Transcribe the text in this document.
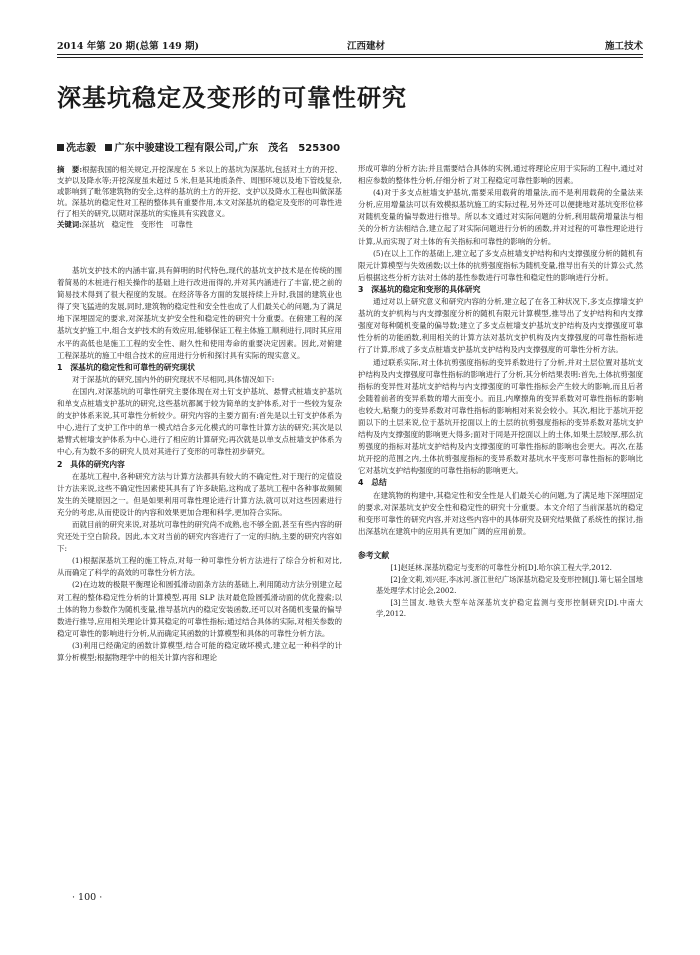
2014 年第 20 期(总第 149 期)	江西建材	施工技术
深基坑稳定及变形的可靠性研究
冼志毅 广东中骏建设工程有限公司,广东　茂名　525300
摘　要:根据我国的相关规定,开挖深度在 5 米以上的基坑为深基坑,包括对土方的开挖、支护以及降水等;开挖深度虽未超过 5 米,但是其地质条件、周围环境以及地下管线复杂,或影响到了毗邻建筑物的安全,这样的基坑的土方的开挖、支护以及降水工程也叫做深基坑。深基坑的稳定性对工程的整体具有重要作用,本文对深基坑的稳定及变形的可靠性进行了相关的研究,以期对深基坑的实施具有实践意义。
关键词:深基坑　稳定性　变形性　可靠性

基坑支护技术的内涵丰富,具有鲜明的时代特色,现代的基坑支护技术是在传统的围着简易的木桩进行相关操作的基础上进行改进而得的,并对其内涵进行了丰富,使之前的简易技术得到了很大程度的发展。在经济等各方面的发展持续上升时,我国的建筑业也得了突飞猛进的发展,同时,建筑物的稳定性和安全性也成了人们最关心的问题,为了满足地下深埋固定的要求,对深基坑支护安全性和稳定性的研究十分重要。在俯建工程的深基坑支护施工中,组合支护技术的有效应用,能够保证工程主体施工顺利进行,同时其应用水平的高低也是施工工程的安全性、耐久性和使用寿命的重要决定因素。因此,对俯建工程深基坑的施工中组合技术的应用进行分析和探讨具有实际的现实意义。

1　深基坑的稳定性和可靠性的研究现状

对于深基坑的研究,国内外的研究现状不尽相同,具体情况如下:

在国内,对深基坑的可靠性研究主要体现在对土钉支护基坑、悬臂式桩墙支护基坑和单支点桩墙支护基坑的研究,这些基坑都属于较为简单的支护体系,对于一些较为复杂的支护体系来说,其可靠性分析较少。研究内容的主要方面有:首先是以土钉支护体系为中心,进行了支护工作中的单一模式结合多元化模式的可靠性计算方法的研究;其次是以悬臂式桩墙支护体系为中心,进行了相应的计算研究;再次就是以单支点桩墙支护体系为中心,有为数不多的研究人员对其进行了变形的可靠性初步研究。

2　具体的研究内容

在基坑工程中,各种研究方法与计算方法都具有较大的不确定性,对于现行的定值设计方法来说,这些不确定性因素使其具有了许多缺陷,这构成了基坑工程中各种事故频频发生的关键原因之一。但是如果利用可靠性理论进行计算方法,就可以对这些因素进行充分的考虑,从而使设计的内容和效果更加合理和科学,更加符合实际。

而就目前的研究来说,对基坑可靠性的研究尚不成熟,也不够全面,甚至有些内容的研究还处于空白阶段。因此,本文对当前的研究内容进行了一定的归纳,主要的研究内容如下:

(1)根据深基坑工程的施工特点,对每一种可靠性分析方法进行了综合分析和对比,从而确定了科学的高效的可靠性分析方法。

(2)在边坡的极限平衡理论和圆弧滑动面条方法的基础上,利用随动方法分别建立起对工程的整体稳定性分析的计算模型,再用 SLP 法对最危险圆弧滑动面的优化搜索;以土体的物力参数作为随机变量,推导基坑内的稳定安装函数,还可以对各随机变量的偏导数进行推导,应用相关理论计算其稳定的可靠性指标;通过结合具体的实际,对相关参数的稳定可靠性的影响进行分析,从而确定其函数的计算模型和具体的可靠性分析方法。

(3)利用已经确定的函数计算模型,结合可能的稳定破坏模式,建立起一种科学的计算分析模型;根据物理学中的相关计算内容和理论

形成可靠的分析方法;并且需要结合具体的实例,通过将理论应用于实际的工程中,通过对相应参数的整体性分析,仔细分析了对工程稳定可靠性影响的因素。

(4)对于多支点桩墙支护基坑,需要采用载荷的增量法,而不是利用载荷的全量法来分析,应用增量法可以有效模拟基坑施工的实际过程,另外还可以便捷地对基坑变形位移对随机变量的偏导数进行推导。所以本文通过对实际问题的分析,利用载荷增量法与相关的分析方法相结合,建立起了对实际问题进行分析的函数,并对过程的可靠性理论进行计算,从而实现了对土体的有关指标和可靠性的影响的分析。

(5)在以上工作的基础上,建立起了多支点桩墙支护结构和内支撑强度分析的随机有限元计算模型与失效函数;以土体的抗剪强度指标为随机变量,推导出有关的计算公式,然后根据这些分析方法对土体的基性参数进行可靠性和稳定性的影响进行分析。

3　深基坑的稳定和变形的具体研究

通过对以上研究意义和研究内容的分析,建立起了在各工种状况下,多支点撑墙支护基坑的支护机构与内支撑强度分析的随机有限元计算模型,推导出了支护结构和内支撑强度对每种随机变量的偏导数;建立了多支点桩墙支护基坑支护结构及内支撑强度可靠性分析的功能函数,利用相关的计算方法对基坑支护机构及内支撑强度的可靠性指标进行了计算,形成了多支点桩墙支护基坑支护结构及内支撑强度的可靠性分析方法。

通过联系实际,对土体抗剪强度指标的变异系数进行了分析,并对土层位置对基坑支护结构及内支撑强度可靠性指标的影响进行了分析,其分析结果表明:首先,土体抗剪强度指标的变异性对基坑支护结构与内支撑强度的可靠性指标会产生较大的影响,而且后者会随着前者的变异系数的增大而变小。而且,内摩擦角的变异系数对可靠性指标的影响也较大,粘聚力的变异系数对可靠性指标的影响相对来说会较小。其次,相比于基坑开挖面以下的土层来说,位于基坑开挖面以上的土层的抗剪强度指标的变异系数对基坑支护结构及内支撑强度的影响更大得多;面对于同是开挖面以上的土体,如果土层较厚,那么抗剪强度的指标对基坑支护结构及内支撑强度的可靠性指标的影响也会更大。再次,在基坑开挖的范围之内,土体抗剪强度指标的变异系数对基坑水平变形可靠性指标的影响比它对基坑支护结构强度的可靠性指标的影响更大。

4　总结

在建筑物的构建中,其稳定性和安全性是人们最关心的问题,为了满足地下深埋固定的要求,对深基坑支护安全性和稳定性的研究十分重要。本文介绍了当前深基坑的稳定和变形可靠性的研究内容,并对这些内容中的具体研究及研究结果做了系统性的探讨,指出深基坑在建筑中的应用具有更加广阔的应用前景。

参考文献

[1]赵延林.深基坑稳定与变形的可靠性分析[D].哈尔滨工程大学,2012.

[2]金文莉,刘兴旺,李冰河.浙江世纪广场深基坑稳定及变形控制[J].第七届全国地基处理学术讨论会,2002.

[3]兰国友.地铁大型车站深基坑支护稳定监测与变形控制研究[D].中南大学,2012.

· 100 ·
